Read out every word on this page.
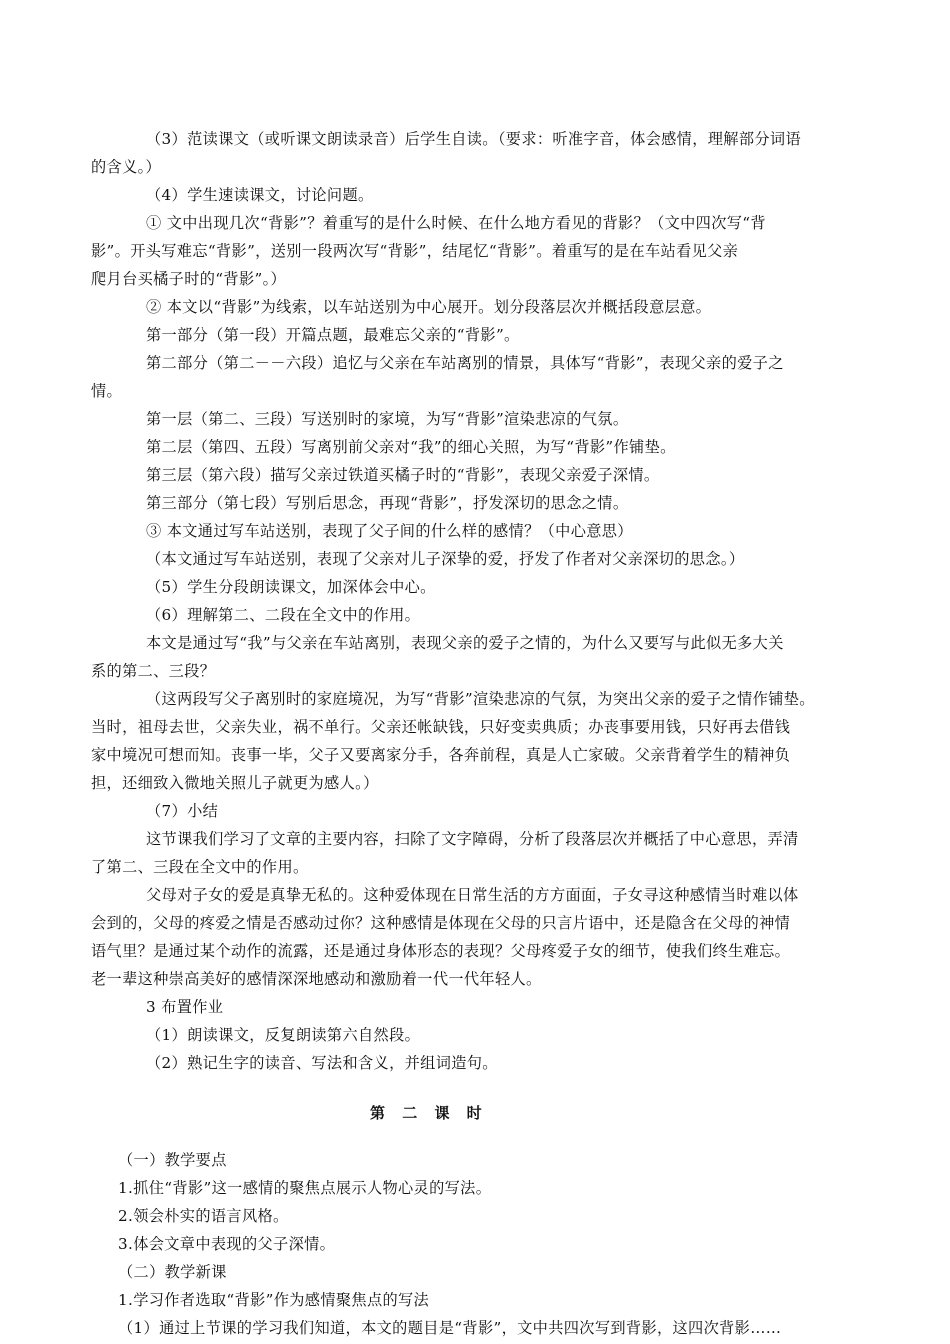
（3）范读课文（或听课文朗读录音）后学生自读。（要求：听准字音，体会感情，理解部分词语

的含义。）

（4）学生速读课文，讨论问题。

① 文中出现几次“背影”？着重写的是什么时候、在什么地方看见的背影？（文中四次写“背

影”。开头写难忘“背影”，送别一段两次写“背影”，结尾忆“背影”。着重写的是在车站看见父亲

爬月台买橘子时的“背影”。）

② 本文以“背影”为线索，以车站送别为中心展开。划分段落层次并概括段意层意。

第一部分（第一段）开篇点题，最难忘父亲的“背影”。

第二部分（第二－－六段）追忆与父亲在车站离别的情景，具体写“背影”，表现父亲的爱子之

情。

第一层（第二、三段）写送别时的家境，为写“背影”渲染悲凉的气氛。

第二层（第四、五段）写离别前父亲对“我”的细心关照，为写“背影”作铺垫。

第三层（第六段）描写父亲过铁道买橘子时的“背影”，表现父亲爱子深情。

第三部分（第七段）写别后思念，再现“背影”，抒发深切的思念之情。

③ 本文通过写车站送别，表现了父子间的什么样的感情？（中心意思）

（本文通过写车站送别，表现了父亲对儿子深挚的爱，抒发了作者对父亲深切的思念。）

（5）学生分段朗读课文，加深体会中心。

（6）理解第二、二段在全文中的作用。

本文是通过写“我”与父亲在车站离别，表现父亲的爱子之情的，为什么又要写与此似无多大关

系的第二、三段？

（这两段写父子离别时的家庭境况，为写“背影”渲染悲凉的气氛，为突出父亲的爱子之情作铺垫。

当时，祖母去世，父亲失业，祸不单行。父亲还帐缺钱，只好变卖典质；办丧事要用钱，只好再去借钱

家中境况可想而知。丧事一毕，父子又要离家分手，各奔前程，真是人亡家破。父亲背着学生的精神负

担，还细致入微地关照儿子就更为感人。）

（7）小结

这节课我们学习了文章的主要内容，扫除了文字障碍，分析了段落层次并概括了中心意思，弄清

了第二、三段在全文中的作用。

父母对子女的爱是真挚无私的。这种爱体现在日常生活的方方面面，子女寻这种感情当时难以体

会到的，父母的疼爱之情是否感动过你？这种感情是体现在父母的只言片语中，还是隐含在父母的神情

语气里？是通过某个动作的流露，还是通过身体形态的表现？父母疼爱子女的细节，使我们终生难忘。

老一辈这种崇高美好的感情深深地感动和激励着一代一代年轻人。

3 布置作业

（1）朗读课文，反复朗读第六自然段。

（2）熟记生字的读音、写法和含义，并组词造句。

第 二 课 时

（一）教学要点

1.抓住“背影”这一感情的聚焦点展示人物心灵的写法。

2.领会朴实的语言风格。

3.体会文章中表现的父子深情。

（二）教学新课

1.学习作者选取“背影”作为感情聚焦点的写法

（1）通过上节课的学习我们知道，本文的题目是“背影”，文中共四次写到背影，这四次背影……
